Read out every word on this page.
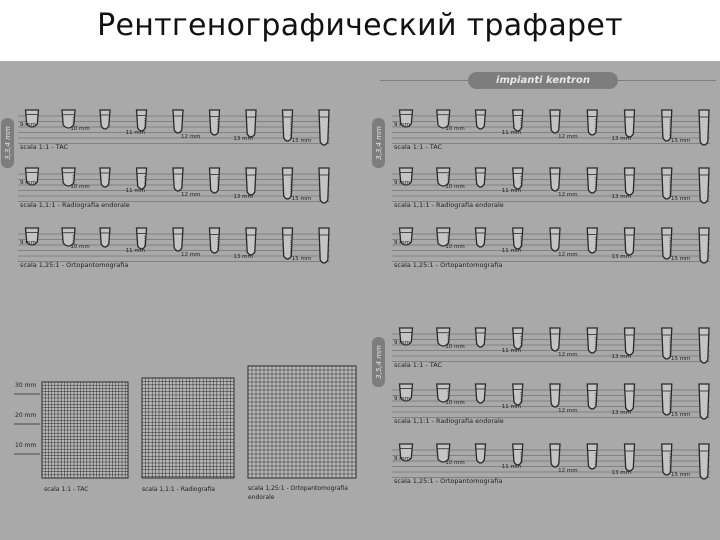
Рентгенографический трафарет
impianti kentron
3,3,4 mm	3,3,4 mm
3,5,4 mm
9 mm
10 mm
11 mm
12 mm	13 mm	15 mm
scala 1:1 - TAC
9 mm
10 mm
11 mm
12 mm	13 mm	15 mm
scala 1,1:1 - Radiografia endorale
9 mm
10 mm
11 mm
12 mm	13 mm	15 mm
scala 1,25:1 - Ortopantomografia
9 mm
10 mm
11 mm
12 mm	13 mm	15 mm
scala 1:1 - TAC
9 mm
10 mm
11 mm
12 mm	13 mm	15 mm
scala 1,1:1 - Radiografia endorale
9 mm
10 mm
11 mm
12 mm	13 mm	15 mm
scala 1,25:1 - Ortopantomografia
9 mm
10 mm
11 mm
12 mm	13 mm	15 mm
scala 1:1 - TAC
9 mm
10 mm
11 mm
12 mm	13 mm	15 mm
scala 1,1:1 - Radiografia endorale
9 mm
10 mm
11 mm
12 mm	13 mm	15 mm
scala 1,25:1 - Ortopantomografia
30 mm
20 mm
10 mm
scala 1:1 - TAC	scala 1,1:1 - Radiografia	scala 1,25:1 - Ortopantomografia endorale
